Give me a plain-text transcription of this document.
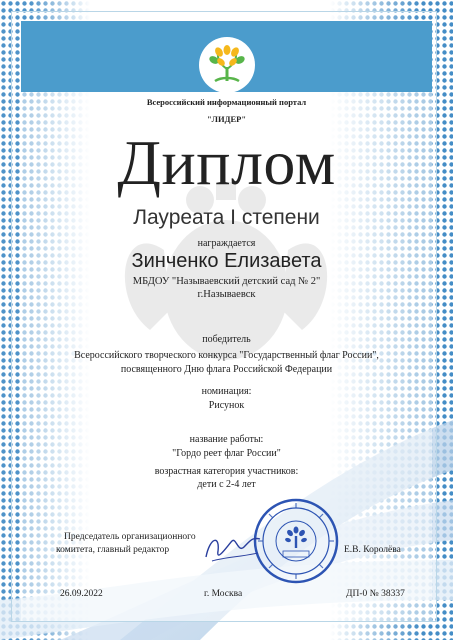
Всероссийский информационный портал

"ЛИДЕР"

Диплом

Лауреата I степени

награждается

Зинченко Елизавета

МБДОУ "Называевский детский сад № 2"

г.Называевск

победитель

Всероссийского творческого конкурса "Государственный флаг России",

посвященного Дню флага Российской Федерации

номинация:

Рисунок

название работы:

"Гордо реет флаг России"

возрастная категория участников:

дети с 2-4 лет

Председатель организационного

комитета, главный редактор	Е.В. Королёва

26.09.2022	г. Москва	ДП-0 № 38337
